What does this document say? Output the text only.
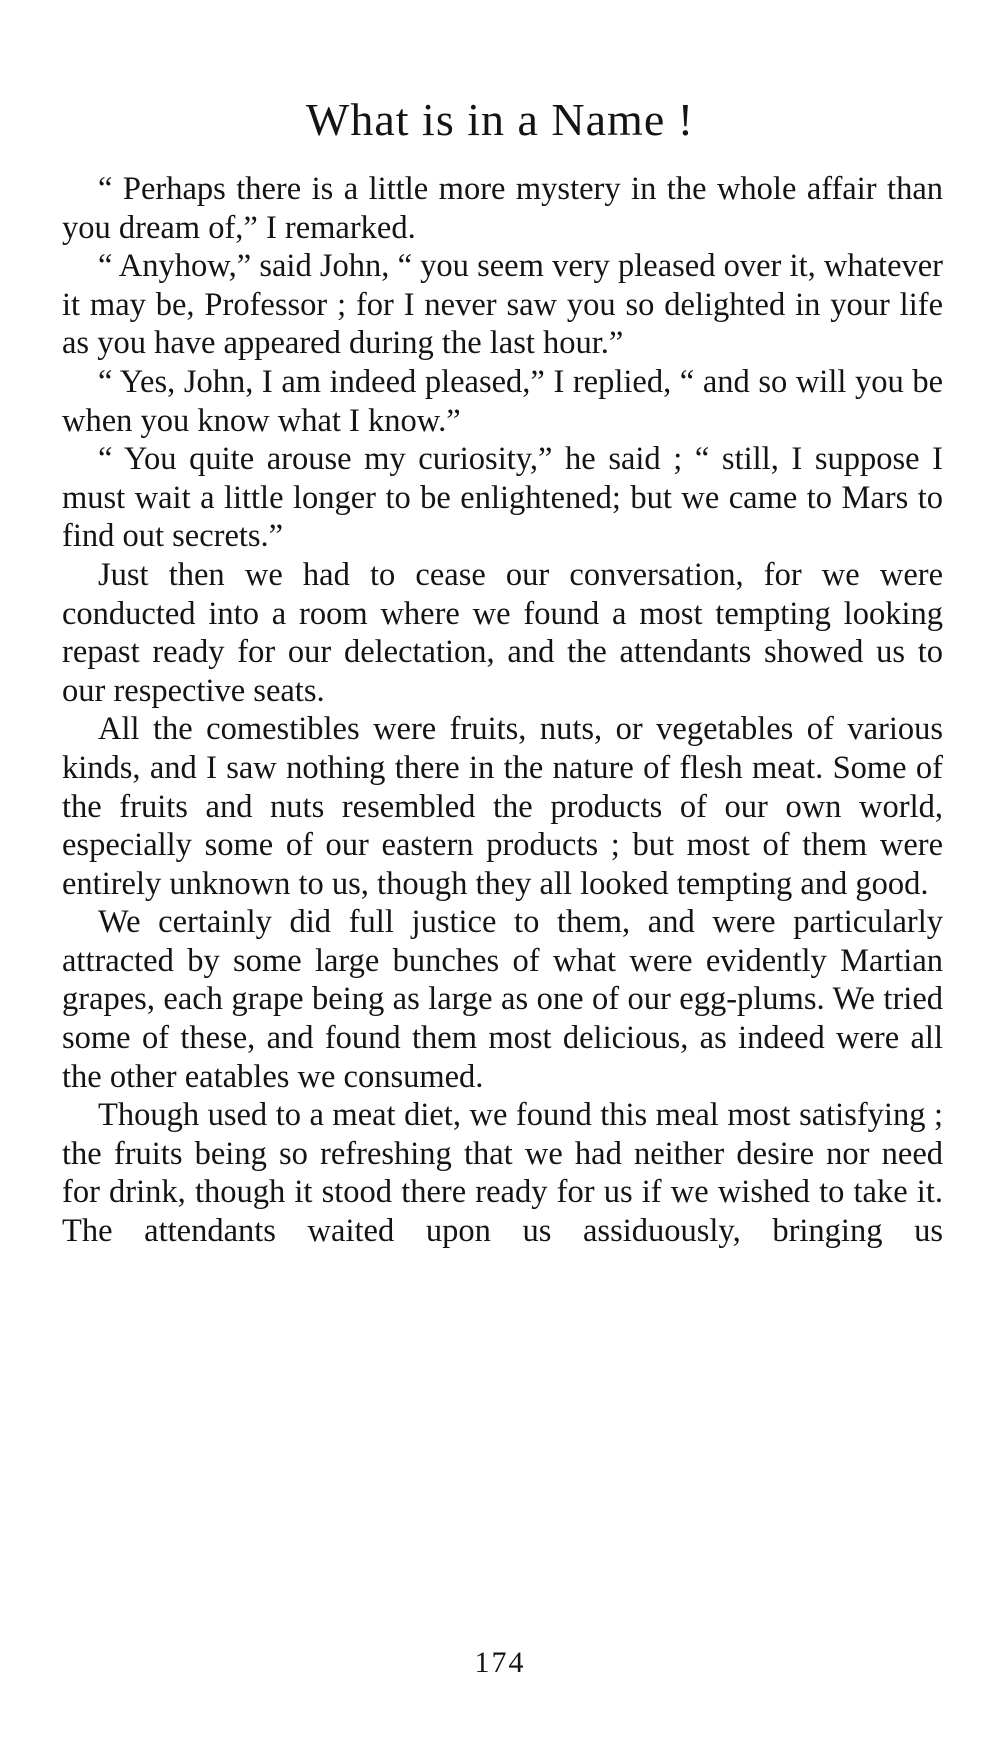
What is in a Name !

“ Perhaps there is a little more mystery in the whole affair than you dream of,” I remarked.

“ Anyhow,” said John, “ you seem very pleased over it, whatever it may be, Professor ; for I never saw you so delighted in your life as you have appeared during the last hour.”

“ Yes, John, I am indeed pleased,” I replied, “ and so will you be when you know what I know.”

“ You quite arouse my curiosity,” he said ; “ still, I suppose I must wait a little longer to be enlightened; but we came to Mars to find out secrets.”

Just then we had to cease our conversation, for we were conducted into a room where we found a most tempting looking repast ready for our delectation, and the attendants showed us to our respective seats.

All the comestibles were fruits, nuts, or vegetables of various kinds, and I saw nothing there in the nature of flesh meat. Some of the fruits and nuts resembled the products of our own world, especially some of our eastern products ; but most of them were entirely unknown to us, though they all looked tempting and good.

We certainly did full justice to them, and were particularly attracted by some large bunches of what were evidently Martian grapes, each grape being as large as one of our egg-plums. We tried some of these, and found them most delicious, as indeed were all the other eatables we consumed.

Though used to a meat diet, we found this meal most satisfying ; the fruits being so refreshing that we had neither desire nor need for drink, though it stood there ready for us if we wished to take it. The attendants waited upon us assiduously, bringing us

174
